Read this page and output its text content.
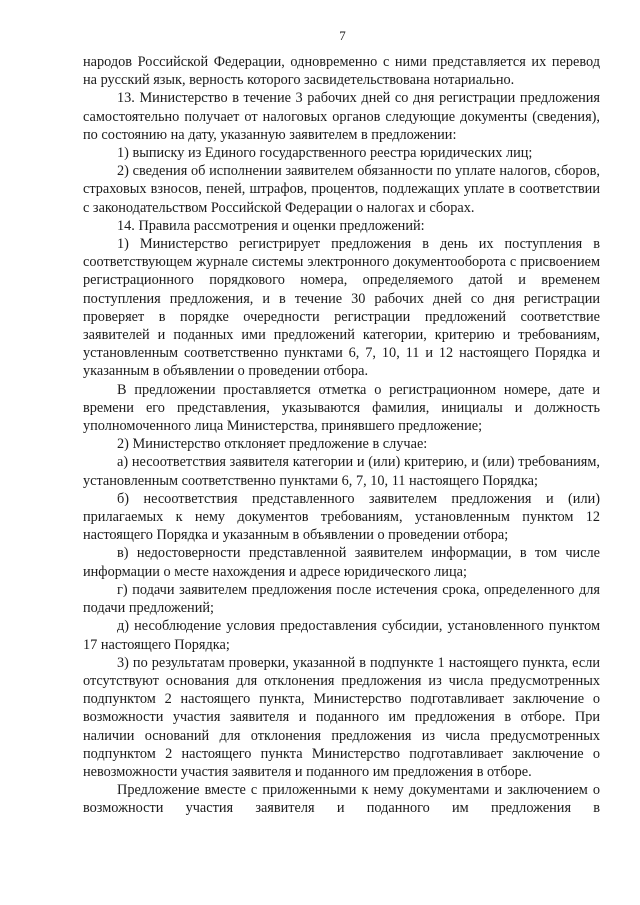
7

народов Российской Федерации, одновременно с ними представляется их перевод на русский язык, верность которого засвидетельствована нотариально.

13. Министерство в течение 3 рабочих дней со дня регистрации предложения самостоятельно получает от налоговых органов следующие документы (сведения), по состоянию на дату, указанную заявителем в предложении:

1) выписку из Единого государственного реестра юридических лиц;

2) сведения об исполнении заявителем обязанности по уплате налогов, сборов, страховых взносов, пеней, штрафов, процентов, подлежащих уплате в соответствии с законодательством Российской Федерации о налогах и сборах.

14. Правила рассмотрения и оценки предложений:

1) Министерство регистрирует предложения в день их поступления в соответствующем журнале системы электронного документооборота с присвоением регистрационного порядкового номера, определяемого датой и временем поступления предложения, и в течение 30 рабочих дней со дня регистрации проверяет в порядке очередности регистрации предложений соответствие заявителей и поданных ими предложений категории, критерию и требованиям, установленным соответственно пунктами 6, 7, 10, 11 и 12 настоящего Порядка и указанным в объявлении о проведении отбора.

В предложении проставляется отметка о регистрационном номере, дате и времени его представления, указываются фамилия, инициалы и должность уполномоченного лица Министерства, принявшего предложение;

2) Министерство отклоняет предложение в случае:

а) несоответствия заявителя категории и (или) критерию, и (или) требованиям, установленным соответственно пунктами 6, 7, 10, 11 настоящего Порядка;

б) несоответствия представленного заявителем предложения и (или) прилагаемых к нему документов требованиям, установленным пунктом 12 настоящего Порядка и указанным в объявлении о проведении отбора;

в) недостоверности представленной заявителем информации, в том числе информации о месте нахождения и адресе юридического лица;

г) подачи заявителем предложения после истечения срока, определенного для подачи предложений;

д) несоблюдение условия предоставления субсидии, установленного пунктом 17 настоящего Порядка;

3) по результатам проверки, указанной в подпункте 1 настоящего пункта, если отсутствуют основания для отклонения предложения из числа предусмотренных подпунктом 2 настоящего пункта, Министерство подготавливает заключение о возможности участия заявителя и поданного им предложения в отборе. При наличии оснований для отклонения предложения из числа предусмотренных подпунктом 2 настоящего пункта Министерство подготавливает заключение о невозможности участия заявителя и поданного им предложения в отборе.

Предложение вместе с приложенными к нему документами и заключением о возможности участия заявителя и поданного им предложения в
